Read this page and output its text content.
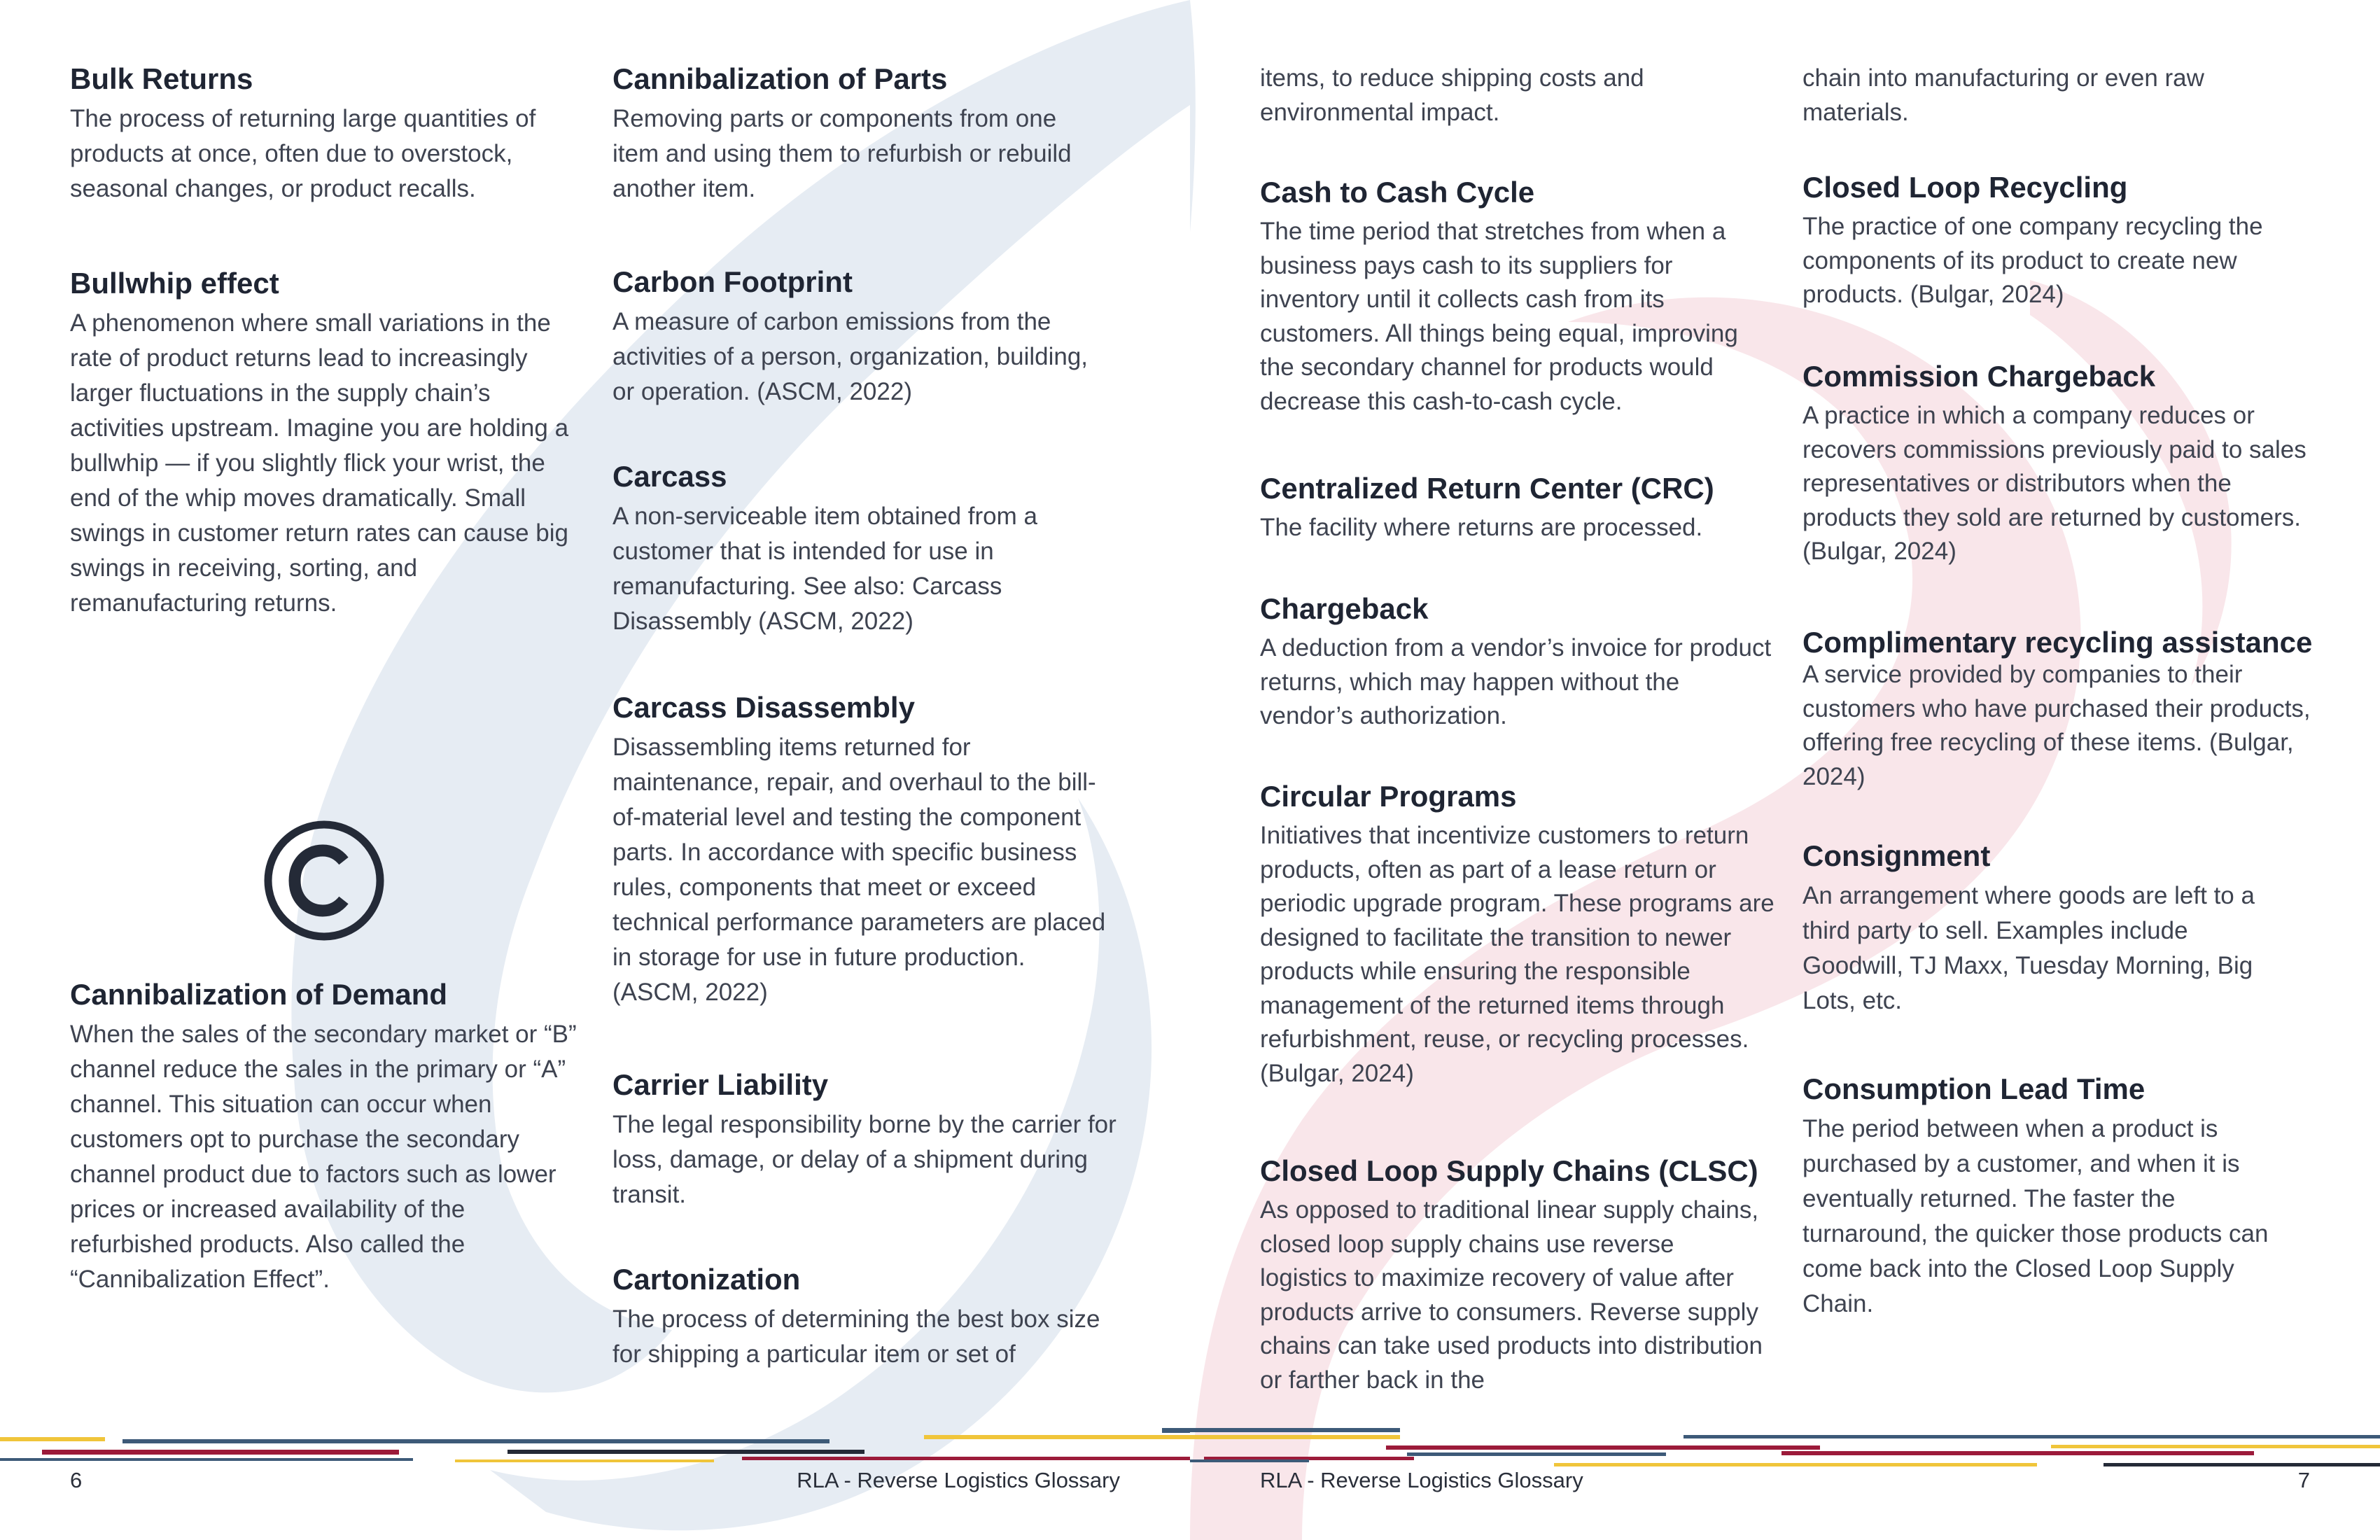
Bulk Returns

The process of returning large quantities of products at once, often due to overstock, seasonal changes, or product recalls.

Bullwhip effect

A phenomenon where small variations in the rate of product returns lead to increasingly larger fluctuations in the supply chain’s activities upstream. Imagine you are holding a bullwhip — if you slightly flick your wrist, the end of the whip moves dramatically. Small swings in customer return rates can cause big swings in receiving, sorting, and remanufacturing returns.

Cannibalization of Demand

When the sales of the secondary market or “B” channel reduce the sales in the primary or “A” channel. This situation can occur when customers opt to purchase the secondary channel product due to factors such as lower prices or increased availability of the refurbished products. Also called the “Cannibalization Effect”.

Cannibalization of Parts

Removing parts or components from one item and using them to refurbish or rebuild another item.

Carbon Footprint

A measure of carbon emissions from the activities of a person, organization, building, or operation. (ASCM, 2022)

Carcass

A non-serviceable item obtained from a customer that is intended for use in remanufacturing. See also: Carcass Disassembly (ASCM, 2022)

Carcass Disassembly

Disassembling items returned for maintenance, repair, and overhaul to the bill-of-material level and testing the component parts. In accordance with specific business rules, components that meet or exceed technical performance parameters are placed in storage for use in future production. (ASCM, 2022)

Carrier Liability

The legal responsibility borne by the carrier for loss, damage, or delay of a shipment during transit.

Cartonization

The process of determining the best box size for shipping a particular item or set of

6	RLA - Reverse Logistics Glossary

items, to reduce shipping costs and environmental impact.

Cash to Cash Cycle

The time period that stretches from when a business pays cash to its suppliers for inventory until it collects cash from its customers. All things being equal, improving the secondary channel for products would decrease this cash-to-cash cycle.

Centralized Return Center (CRC)

The facility where returns are processed.

Chargeback

A deduction from a vendor’s invoice for product returns, which may happen without the vendor’s authorization.

Circular Programs

Initiatives that incentivize customers to return products, often as part of a lease return or periodic upgrade program. These programs are designed to facilitate the transition to newer products while ensuring the responsible management of the returned items through refurbishment, reuse, or recycling processes. (Bulgar, 2024)

Closed Loop Supply Chains (CLSC)

As opposed to traditional linear supply chains, closed loop supply chains use reverse logistics to maximize recovery of value after products arrive to consumers. Reverse supply chains can take used products into distribution or farther back in the

chain into manufacturing or even raw materials.

Closed Loop Recycling

The practice of one company recycling the components of its product to create new products. (Bulgar, 2024)

Commission Chargeback

A practice in which a company reduces or recovers commissions previously paid to sales representatives or distributors when the products they sold are returned by customers. (Bulgar, 2024)

Complimentary recycling assistance

A service provided by companies to their customers who have purchased their products, offering free recycling of these items. (Bulgar, 2024)

Consignment

An arrangement where goods are left to a third party to sell. Examples include Goodwill, TJ Maxx, Tuesday Morning, Big Lots, etc.

Consumption Lead Time

The period between when a product is purchased by a customer, and when it is eventually returned. The faster the turnaround, the quicker those products can come back into the Closed Loop Supply Chain.

RLA - Reverse Logistics Glossary	7
